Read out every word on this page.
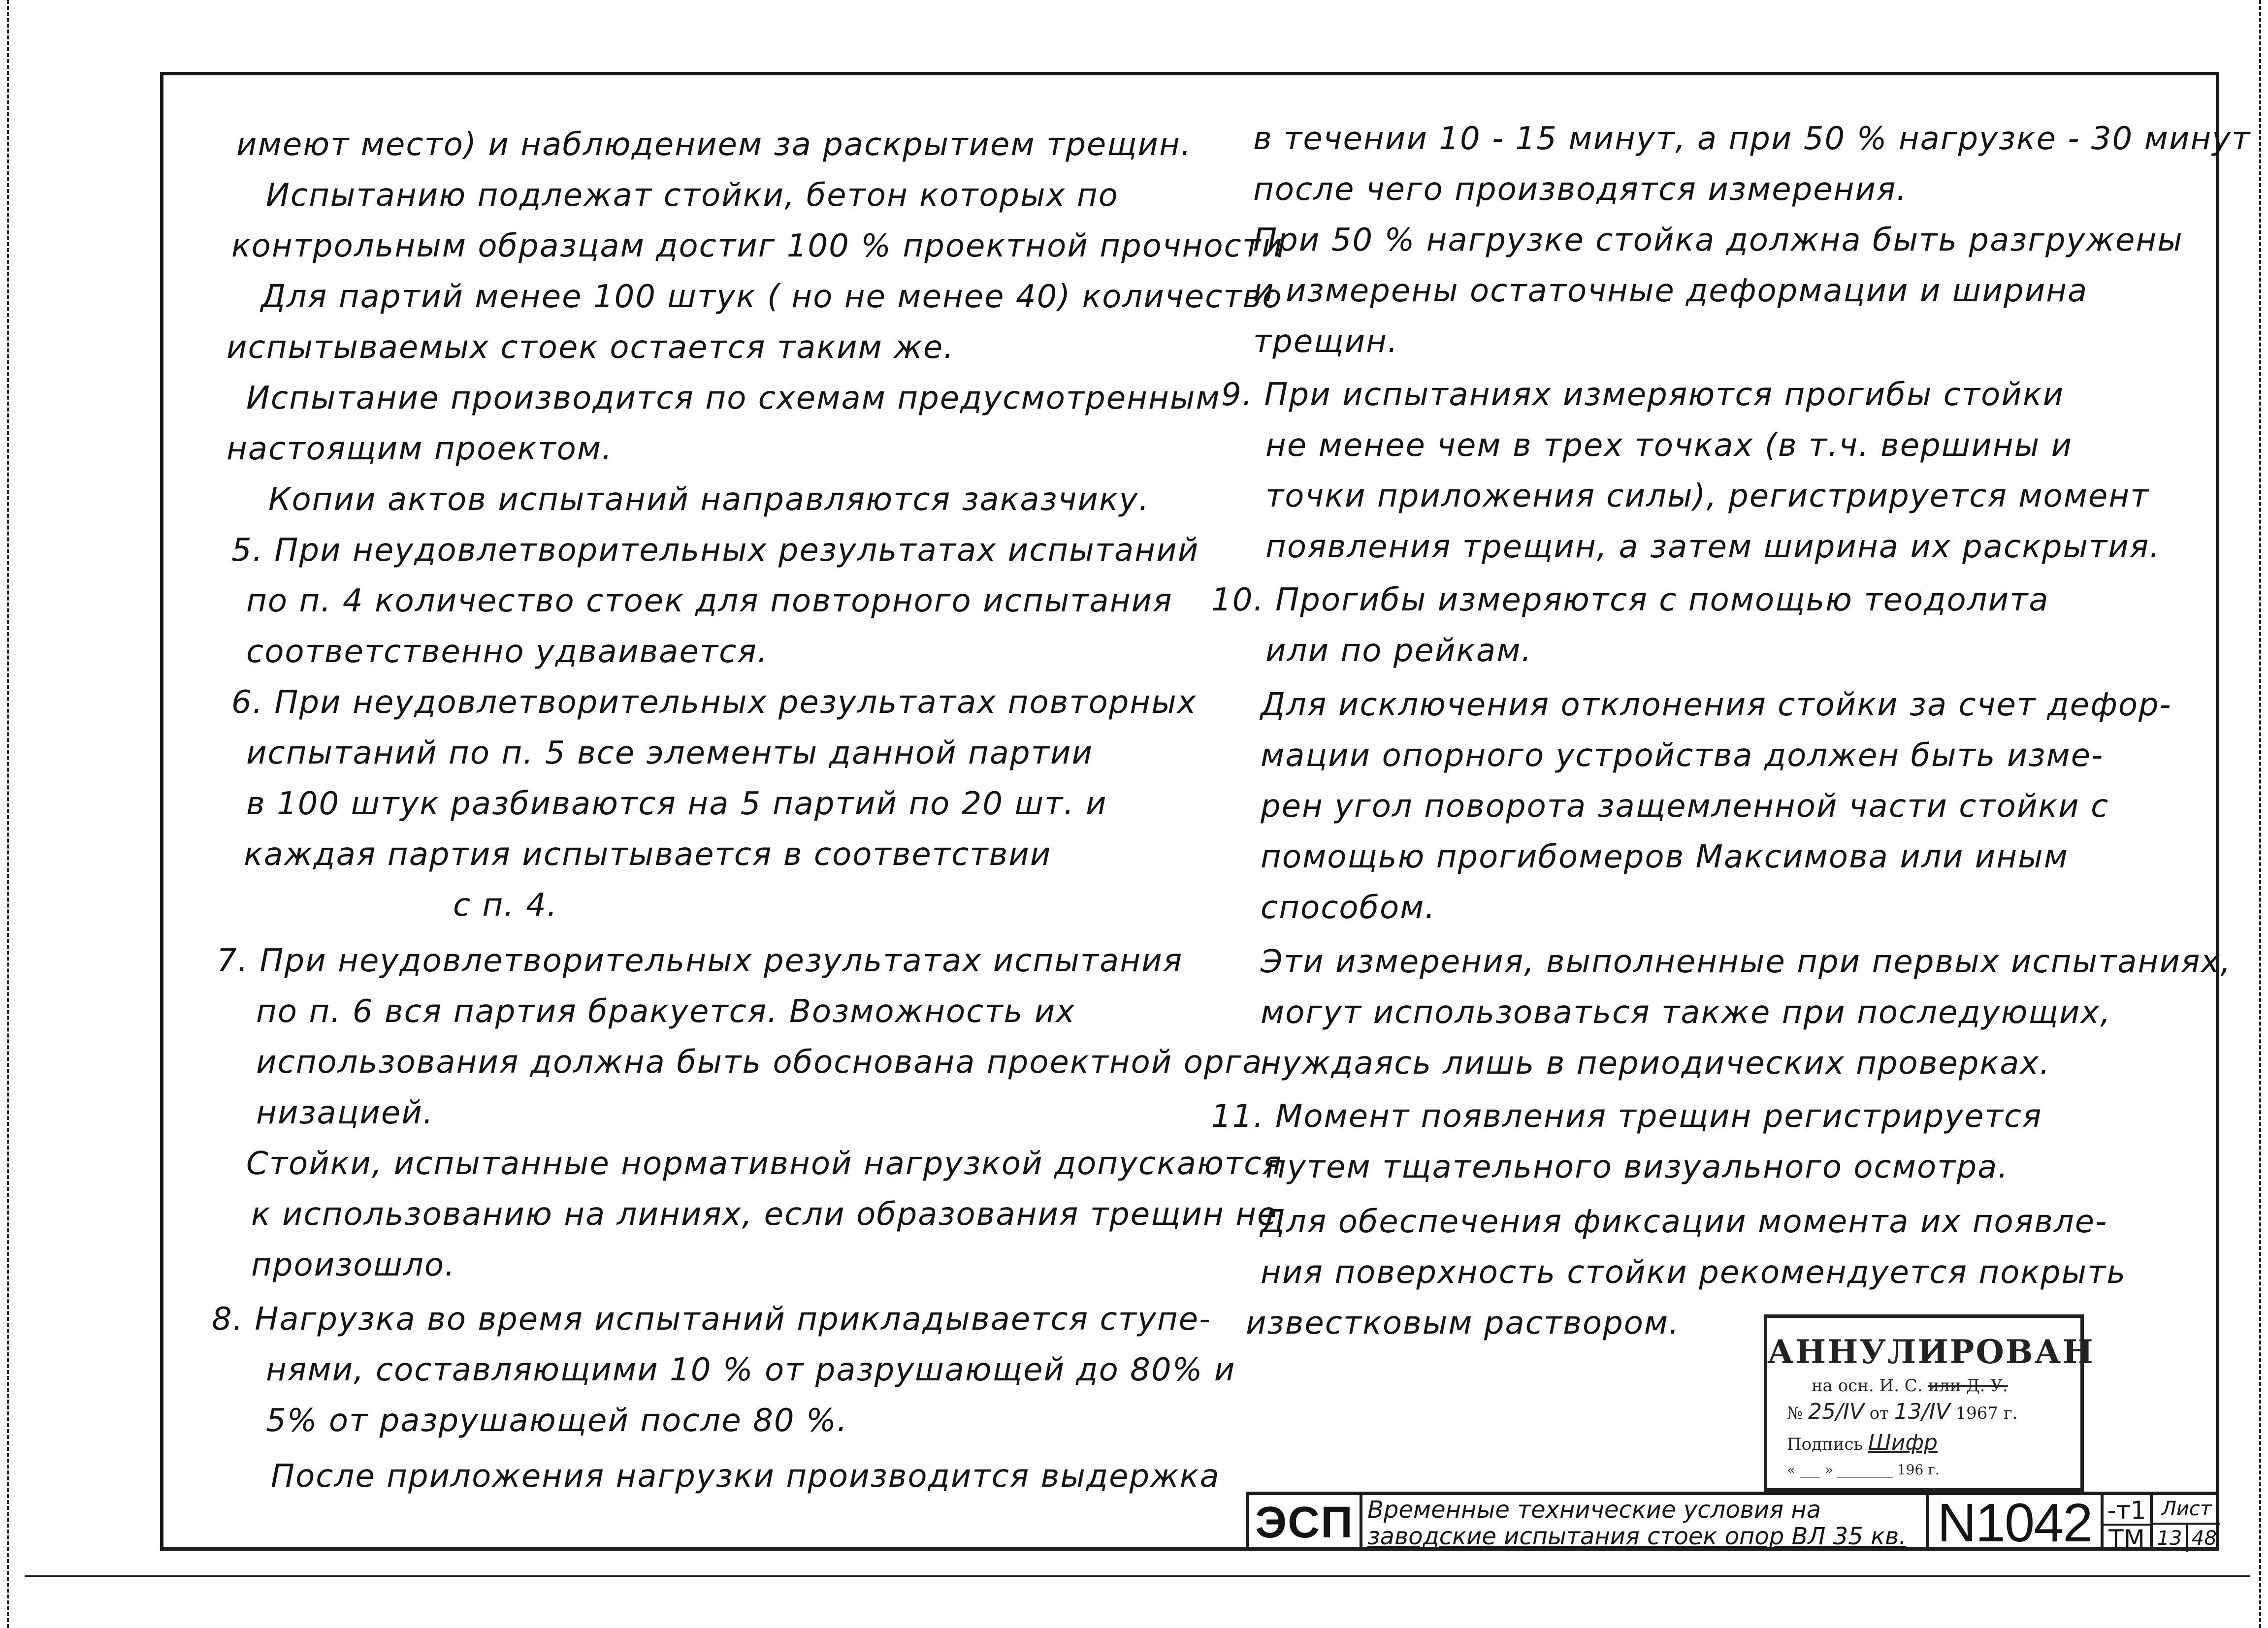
имеют место) и наблюдением за раскрытием трещин.
Испытанию подлежат стойки, бетон которых по
контрольным образцам достиг 100 % проектной прочности
Для партий менее 100 штук ( но не менее 40) количество
испытываемых стоек остается таким же.
Испытание производится по схемам предусмотренным
настоящим проектом.
Копии актов испытаний направляются заказчику.
5. При неудовлетворительных результатах испытаний
по п. 4 количество стоек для повторного испытания
соответственно удваивается.
6. При неудовлетворительных результатах повторных
испытаний по п. 5 все элементы данной партии
в 100 штук разбиваются на 5 партий по 20 шт. и
каждая партия испытывается в соответствии
с п. 4.
7. При неудовлетворительных результатах испытания
по п. 6 вся партия бракуется. Возможность их
использования должна быть обоснована проектной орга-
низацией.
Стойки, испытанные нормативной нагрузкой допускаются
к использованию на линиях, если образования трещин не
произошло.
8. Нагрузка во время испытаний прикладывается ступе-
нями, составляющими 10 % от разрушающей до 80% и
5% от разрушающей после 80 %.
После приложения нагрузки производится выдержка
в течении 10 - 15 минут, а при 50 % нагрузке - 30 минут
после чего производятся измерения.
При 50 % нагрузке стойка должна быть разгружены
и измерены остаточные деформации и ширина
трещин.
9. При испытаниях измеряются прогибы стойки
не менее чем в трех точках (в т.ч. вершины и
точки приложения силы), регистрируется момент
появления трещин, а затем ширина их раскрытия.
10. Прогибы измеряются с помощью теодолита
или по рейкам.
Для исключения отклонения стойки за счет дефор-
мации опорного устройства должен быть изме-
рен угол поворота защемленной части стойки с
помощью прогибомеров Максимова или иным
способом.
Эти измерения, выполненные при первых испытаниях,
могут использоваться также при последующих,
нуждаясь лишь в периодических проверках.
11. Момент появления трещин регистрируется
путем тщательного визуального осмотра.
Для обеспечения фиксации момента их появле-
ния поверхность стойки рекомендуется покрыть
известковым раствором.
АННУЛИРОВАН
на осн. И. С. или Д. У.
№ 25/IV от 13/IV 1967 г.
Подпись Шифр
« ___ » ________ 196 г.
ЭСП Временные технические условия на
заводские испытания стоек опор ВЛ 35 кв. N1042 -т1
ТМ
Лист
13 48
